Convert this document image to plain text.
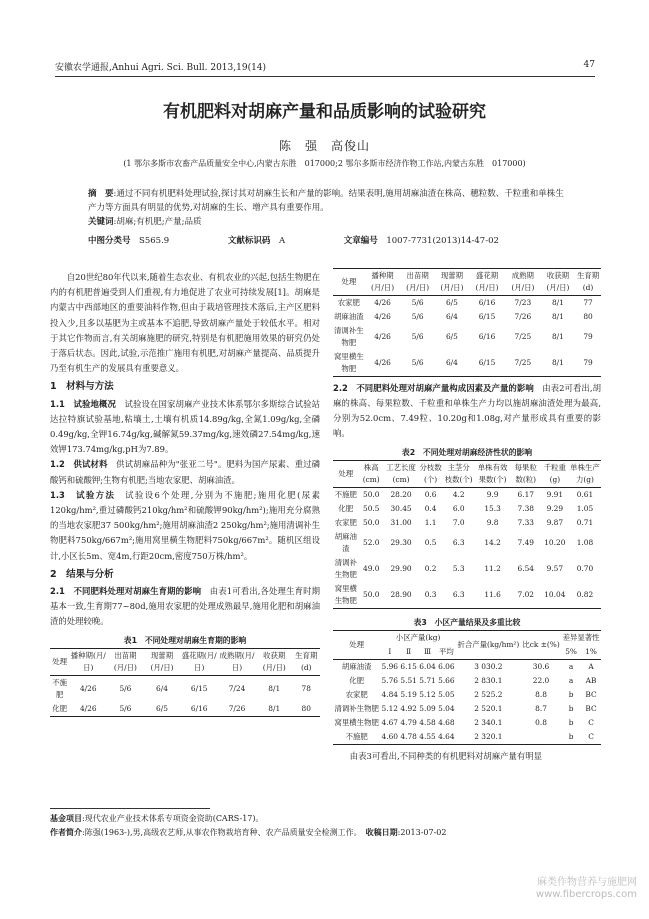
安徽农学通报,Anhui Agri. Sci. Bull. 2013,19(14)	47
有机肥料对胡麻产量和品质影响的试验研究
陈　强　高俊山
(1 鄂尔多斯市农畜产品质量安全中心,内蒙古东胜　017000;2 鄂尔多斯市经济作物工作站,内蒙古东胜　017000)
摘　要:通过不同有机肥料处理试验,探讨其对胡麻生长和产量的影响。结果表明,施用胡麻油渣在株高、穗粒数、千粒重和单株生产力等方面具有明显的优势,对胡麻的生长、增产具有重要作用。
关键词:胡麻;有机肥;产量;品质
中图分类号　 S565.9	文献标识码　 A	文章编号　 1007-7731(2013)14-47-02

自20世纪80年代以来,随着生态农业、有机农业的兴起,包括生物肥在内的有机肥普遍受到人们重视,有力地促进了农业可持续发展[1]。胡麻是内蒙古中西部地区的重要油料作物,但由于栽培管理技术落后,主产区肥料投入少,且多以基肥为主或基本不追肥,导致胡麻产量处于较低水平。相对于其它作物而言,有关胡麻施肥的研究,特别是有机肥施用效果的研究仍处于落后状态。因此,试验,示范推广施用有机肥,对胡麻产量提高、品质提升乃至有机生产的发展具有重要意义。

1　材料与方法

1.1　试验地概况　 试验设在国家胡麻产业技术体系鄂尔多斯综合试验站达拉特旗试验基地,粘壤土,土壤有机质14.89g/kg,全氮1.09g/kg,全磷0.49g/kg,全钾16.74g/kg,碱解氮59.37mg/kg,速效磷27.54mg/kg,速效钾173.74mg/kg,pH为7.89。

1.2　供试材料　 供试胡麻品种为"张亚二号"。肥料为国产尿素、重过磷酸钙和硫酸钾;生物有机肥;当地农家肥、胡麻油渣。

1.3　试验方法　 试验设6个处理,分别为不施肥;施用化肥(尿素120kg/hm²,重过磷酸钙210kg/hm²和硫酸钾90kg/hm²);施用充分腐熟的当地农家肥37 500kg/hm²;施用胡麻油渣2 250kg/hm²;施用清调补生物肥料750kg/667m²;施用窝里横生物肥料750kg/667m²。随机区组设计,小区长5m、宽4m,行距20cm,密度750万株/hm²。

2　结果与分析

2.1　不同肥料处理对胡麻生育期的影响　 由表1可看出,各处理生育时期基本一致,生育期77~80d,施用农家肥的处理成熟最早,施用化肥和胡麻油渣的处理较晚。

表1　不同处理对胡麻生育期的影响
处理	播种期(月/日)	出苗期(月/日)	现蕾期(月/日)	盛花期(月/日)	成熟期(月/日)	收获期(月/日)	生育期(d)
不施肥	4/26	5/6	6/4	6/15	7/24	8/1	78
化肥	4/26	5/6	6/5	6/16	7/26	8/1	80
处理	播种期(月/日)	出苗期(月/日)	现蕾期(月/日)	盛花期(月/日)	成熟期(月/日)	收获期(月/日)	生育期(d)
农家肥	4/26	5/6	6/5	6/16	7/23	8/1	77
胡麻油渣	4/26	5/6	6/4	6/15	7/26	8/1	80
清调补生物肥	4/26	5/6	6/5	6/16	7/25	8/1	79
窝里横生物肥	4/26	5/6	6/4	6/15	7/25	8/1	79

2.2　不同肥料处理对胡麻产量构成因素及产量的影响　 由表2可看出,胡麻的株高、每果粒数、千粒重和单株生产力均以施胡麻油渣处理为最高,分别为52.0cm、7.49粒、10.20g和1.08g,对产量形成具有重要的影响。

表2　不同处理对胡麻经济性状的影响
处理	株高(cm)	工艺长度(cm)	分枝数(个)	主茎分枝数(个)	单株有效果数(个)	每果粒数(粒)	千粒重(g)	单株生产力(g)
不施肥	50.0	28.20	0.6	4.2	9.9	6.17	9.91	0.61
化肥	50.5	30.45	0.4	6.0	15.3	7.38	9.29	1.05
农家肥	50.0	31.00	1.1	7.0	9.8	7.33	9.87	0.71
胡麻油渣	52.0	29.30	0.5	6.3	14.2	7.49	10.20	1.08
清调补生物肥	49.0	29.90	0.2	5.3	11.2	6.54	9.57	0.70
窝里横生物肥	50.0	28.90	0.3	6.3	11.6	7.02	10.04	0.82
表3　小区产量结果及多重比较
处理	小区产量(kg)				折合产量(kg/hm²)	比ck ±(%)	差异显著性	
	Ⅰ	Ⅱ	Ⅲ	平均			5%	1%
胡麻油渣	5.96	6.15	6.04	6.06	3 030.2	30.6	a	A
化肥	5.76	5.51	5.71	5.66	2 830.1	22.0	a	AB
农家肥	4.84	5.19	5.12	5.05	2 525.2	8.8	b	BC
清调补生物肥	5.12	4.92	5.09	5.04	2 520.1	8.7	b	BC
窝里横生物肥	4.67	4.79	4.58	4.68	2 340.1	0.8	b	C
不施肥	4.60	4.78	4.55	4.64	2 320.1		b	C

由表3可看出,不同种类的有机肥料对胡麻产量有明显

基金项目:现代农业产业技术体系专项资金资助(CARS-17)。
作者简介:陈强(1963-),男,高级农艺师,从事农作物栽培育种、农产品质量安全检测工作。　 收稿日期:2013-07-02
麻类作物营养与施肥网
www.fibercrops.com
